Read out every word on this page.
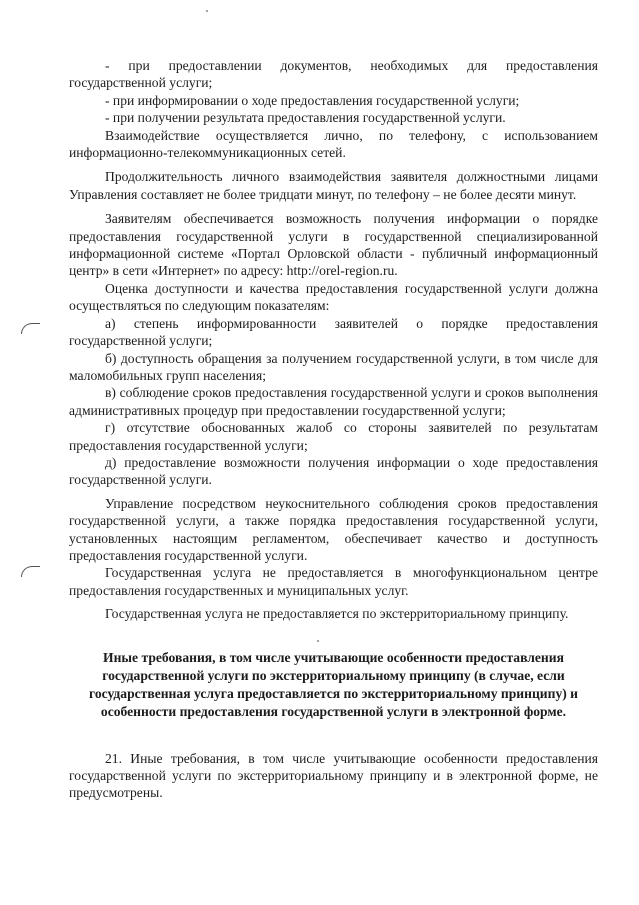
- при предоставлении документов, необходимых для предоставления государственной услуги;

- при информировании о ходе предоставления государственной услуги;

- при получении результата предоставления государственной услуги.

Взаимодействие осуществляется лично, по телефону, с использованием информационно-телекоммуникационных сетей.

Продолжительность личного взаимодействия заявителя должностными лицами Управления составляет не более тридцати минут, по телефону – не более десяти минут.

Заявителям обеспечивается возможность получения информации о порядке предоставления государственной услуги в государственной специализированной информационной системе «Портал Орловской области - публичный информационный центр» в сети «Интернет» по адресу: http://orel-region.ru.

Оценка доступности и качества предоставления государственной услуги должна осуществляться по следующим показателям:

а) степень информированности заявителей о порядке предоставления государственной услуги;

б) доступность обращения за получением государственной услуги, в том числе для маломобильных групп населения;

в) соблюдение сроков предоставления государственной услуги и сроков выполнения административных процедур при предоставлении государственной услуги;

г) отсутствие обоснованных жалоб со стороны заявителей по результатам предоставления государственной услуги;

д) предоставление возможности получения информации о ходе предоставления государственной услуги.

Управление посредством неукоснительного соблюдения сроков предоставления государственной услуги, а также порядка предоставления государственной услуги, установленных настоящим регламентом, обеспечивает качество и доступность предоставления государственной услуги.

Государственная услуга не предоставляется в многофункциональном центре предоставления государственных и муниципальных услуг.

Государственная услуга не предоставляется по экстерриториальному принципу.

Иные требования, в том числе учитывающие особенности предоставления государственной услуги по экстерриториальному принципу (в случае, если государственная услуга предоставляется по экстерриториальному принципу) и особенности предоставления государственной услуги в электронной форме.

21. Иные требования, в том числе учитывающие особенности предоставления государственной услуги по экстерриториальному принципу и в электронной форме, не предусмотрены.
